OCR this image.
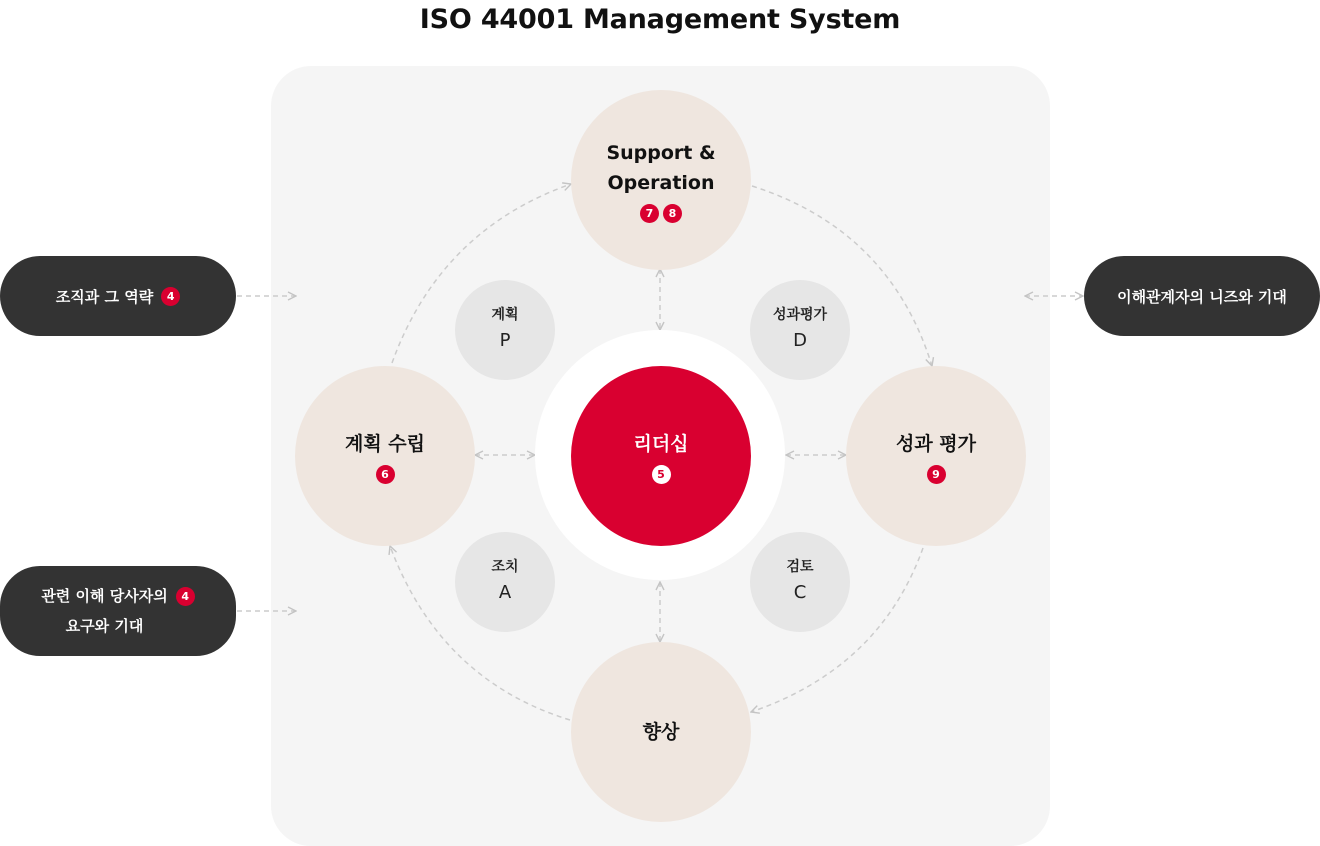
ISO 44001 Management System
Support &
Operation
7	8
계획 수립
6
성과 평가
9
향상
리더십
5
계획
P
성과평가
D
조치
A
검토
C
조직과 그 역략	4
관련 이해 당사자의
요구와 기대
4
이해관계자의 니즈와 기대
